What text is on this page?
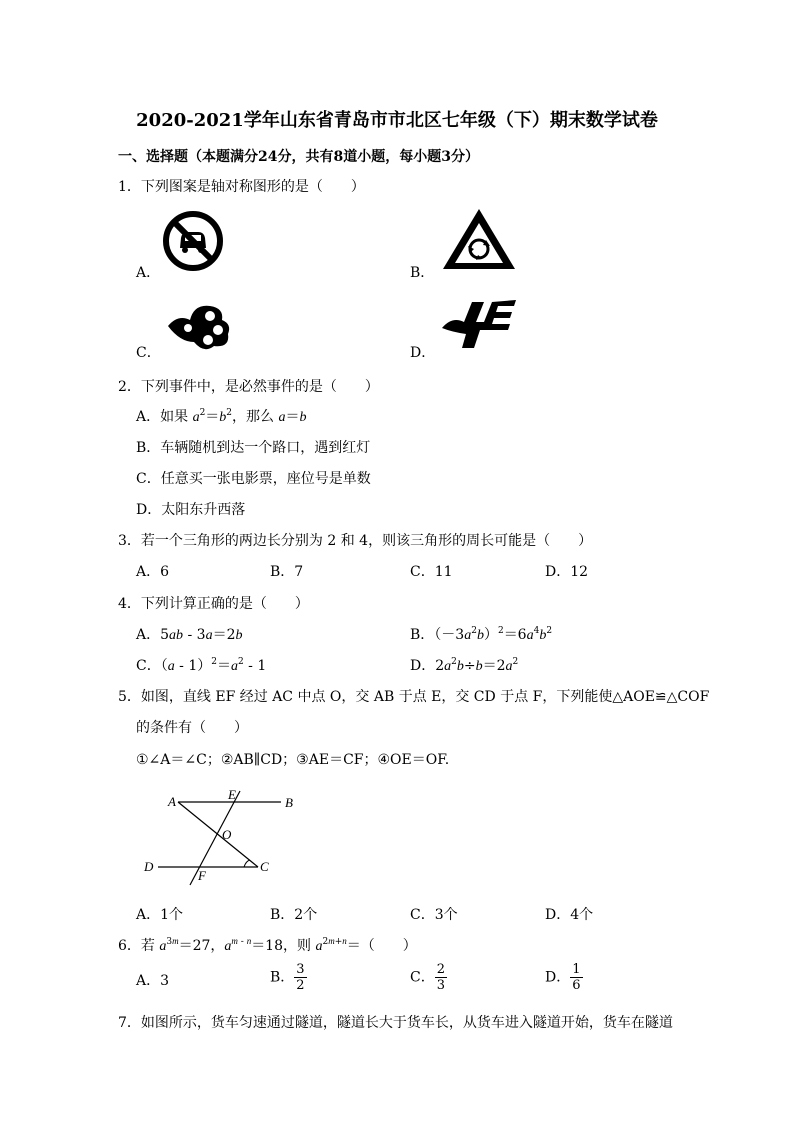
2020-2021学年山东省青岛市市北区七年级（下）期末数学试卷
一、选择题（本题满分24分，共有8道小题，每小题3分）
1．下列图案是轴对称图形的是（　　）
A．	B．
C．	D．
2．下列事件中，是必然事件的是（　　）
A．如果 $a^2=b^2$，那么 a＝b
B．车辆随机到达一个路口，遇到红灯
C．任意买一张电影票，座位号是单数
D．太阳东升西落
3．若一个三角形的两边长分别为 2 和 4，则该三角形的周长可能是（　　）
A．6	B．7	C．11	D．12
4．下列计算正确的是（　　）
A．5ab - 3a＝2b	B．$(-3a^2b)^2=6a^4b^2$
C．$(a - 1)^2=a^2 - 1$	D．$2a^2b\div b=2a^2$
5．如图，直线 EF 经过 AC 中点 O，交 AB 于点 E，交 CD 于点 F，下列能使△AOE≌△COF
的条件有（　　）
①∠A＝∠C；②AB∥CD；③AE＝CF；④OE＝OF.
A	E
B
O
D
F
C
A．1个	B．2个	C．3个	D．4个
6．若 $a^{3m}=27$，$a^{m - n}=18$，则 $a^{2m+n}=$（　　）
A．3	B． $\frac{3}{2}$	C． $\frac{2}{3}$	D． $\frac{1}{6}$
7．如图所示，货车匀速通过隧道，隧道长大于货车长，从货车进入隧道开始，货车在隧道
